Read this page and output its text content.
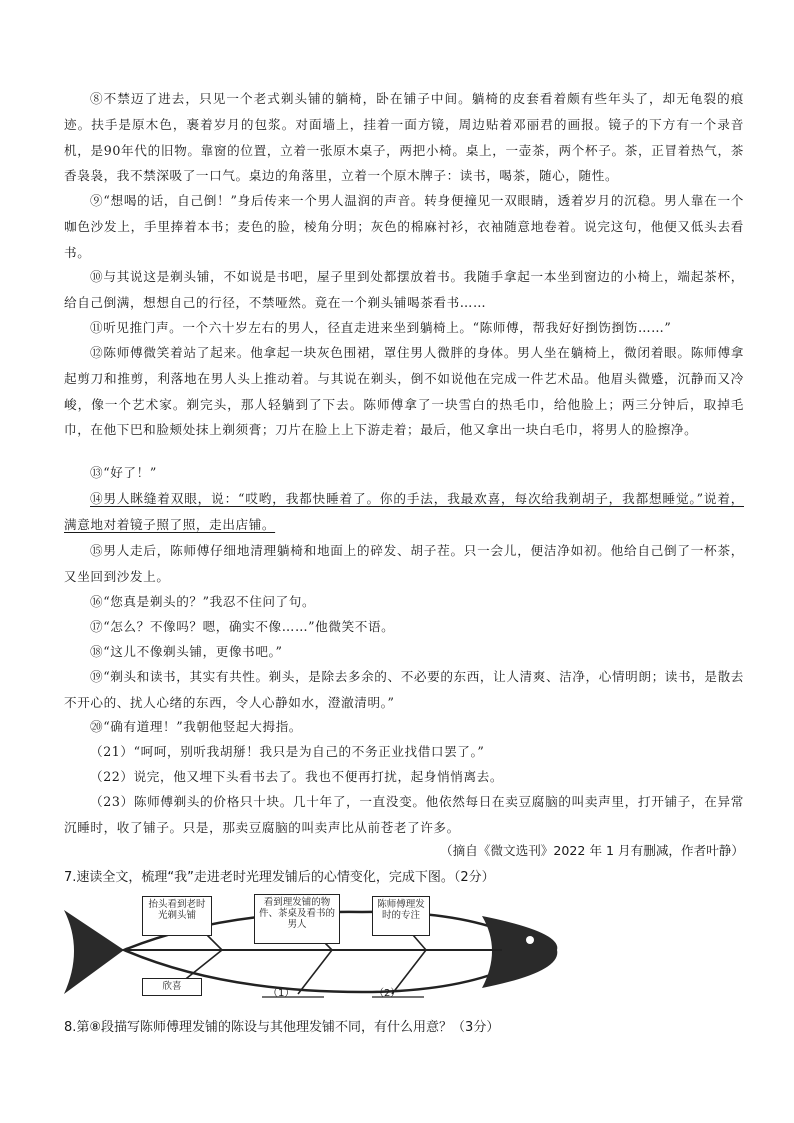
⑧不禁迈了进去，只见一个老式剃头铺的躺椅，卧在铺子中间。躺椅的皮套看着颇有些年头了，却无龟裂的痕迹。扶手是原木色，裹着岁月的包浆。对面墙上，挂着一面方镜，周边贴着邓丽君的画报。镜子的下方有一个录音机，是90年代的旧物。靠窗的位置，立着一张原木桌子，两把小椅。桌上，一壶茶，两个杯子。茶，正冒着热气，茶香袅袅，我不禁深吸了一口气。桌边的角落里，立着一个原木牌子：读书，喝茶，随心，随性。
⑨“想喝的话，自己倒！”身后传来一个男人温润的声音。转身便撞见一双眼睛，透着岁月的沉稳。男人靠在一个咖色沙发上，手里捧着本书；麦色的脸，棱角分明；灰色的棉麻衬衫，衣袖随意地卷着。说完这句，他便又低头去看书。
⑩与其说这是剃头铺，不如说是书吧，屋子里到处都摆放着书。我随手拿起一本坐到窗边的小椅上，端起茶杯，给自己倒满，想想自己的行径，不禁哑然。竟在一个剃头铺喝茶看书……
⑪听见推门声。一个六十岁左右的男人，径直走进来坐到躺椅上。“陈师傅，帮我好好捯饬捯饬……”
⑫陈师傅微笑着站了起来。他拿起一块灰色围裙，罩住男人微胖的身体。男人坐在躺椅上，微闭着眼。陈师傅拿起剪刀和推剪，利落地在男人头上推动着。与其说在剃头，倒不如说他在完成一件艺术品。他眉头微蹙，沉静而又冷峻，像一个艺术家。剃完头，那人轻躺到了下去。陈师傅拿了一块雪白的热毛巾，给他脸上；两三分钟后，取掉毛巾，在他下巴和脸颊处抹上剃须膏；刀片在脸上上下游走着；最后，他又拿出一块白毛巾，将男人的脸擦净。
⑬“好了！”
⑭男人眯缝着双眼，说：“哎哟，我都快睡着了。你的手法，我最欢喜，每次给我剃胡子，我都想睡觉。”说着，满意地对着镜子照了照，走出店铺。
⑮男人走后，陈师傅仔细地清理躺椅和地面上的碎发、胡子茬。只一会儿，便洁净如初。他给自己倒了一杯茶，又坐回到沙发上。
⑯“您真是剃头的？”我忍不住问了句。
⑰“怎么？不像吗？嗯，确实不像……”他微笑不语。
⑱“这儿不像剃头铺，更像书吧。”
⑲“剃头和读书，其实有共性。剃头，是除去多余的、不必要的东西，让人清爽、洁净，心情明朗；读书，是散去不开心的、扰人心绪的东西，令人心静如水，澄澈清明。”
⑳“确有道理！”我朝他竖起大拇指。
（21）“呵呵，别听我胡掰！我只是为自己的不务正业找借口罢了。”
（22）说完，他又埋下头看书去了。我也不便再打扰，起身悄悄离去。
（23）陈师傅剃头的价格只十块。几十年了，一直没变。他依然每日在卖豆腐脑的叫卖声里，打开铺子，在异常沉睡时，收了铺子。只是，那卖豆腐脑的叫卖声比从前苍老了许多。
（摘自《微文选刊》2022 年 1 月有删减，作者叶静）
7.速读全文，梳理“我”走进老时光理发铺后的心情变化，完成下图。（2分）
抬头看到老时光剃头铺
看到理发铺的物件、茶桌及看书的男人
陈师傅理发时的专注
欣喜
（1）	（2）
8.第⑧段描写陈师傅理发铺的陈设与其他理发铺不同，有什么用意？（3分）
